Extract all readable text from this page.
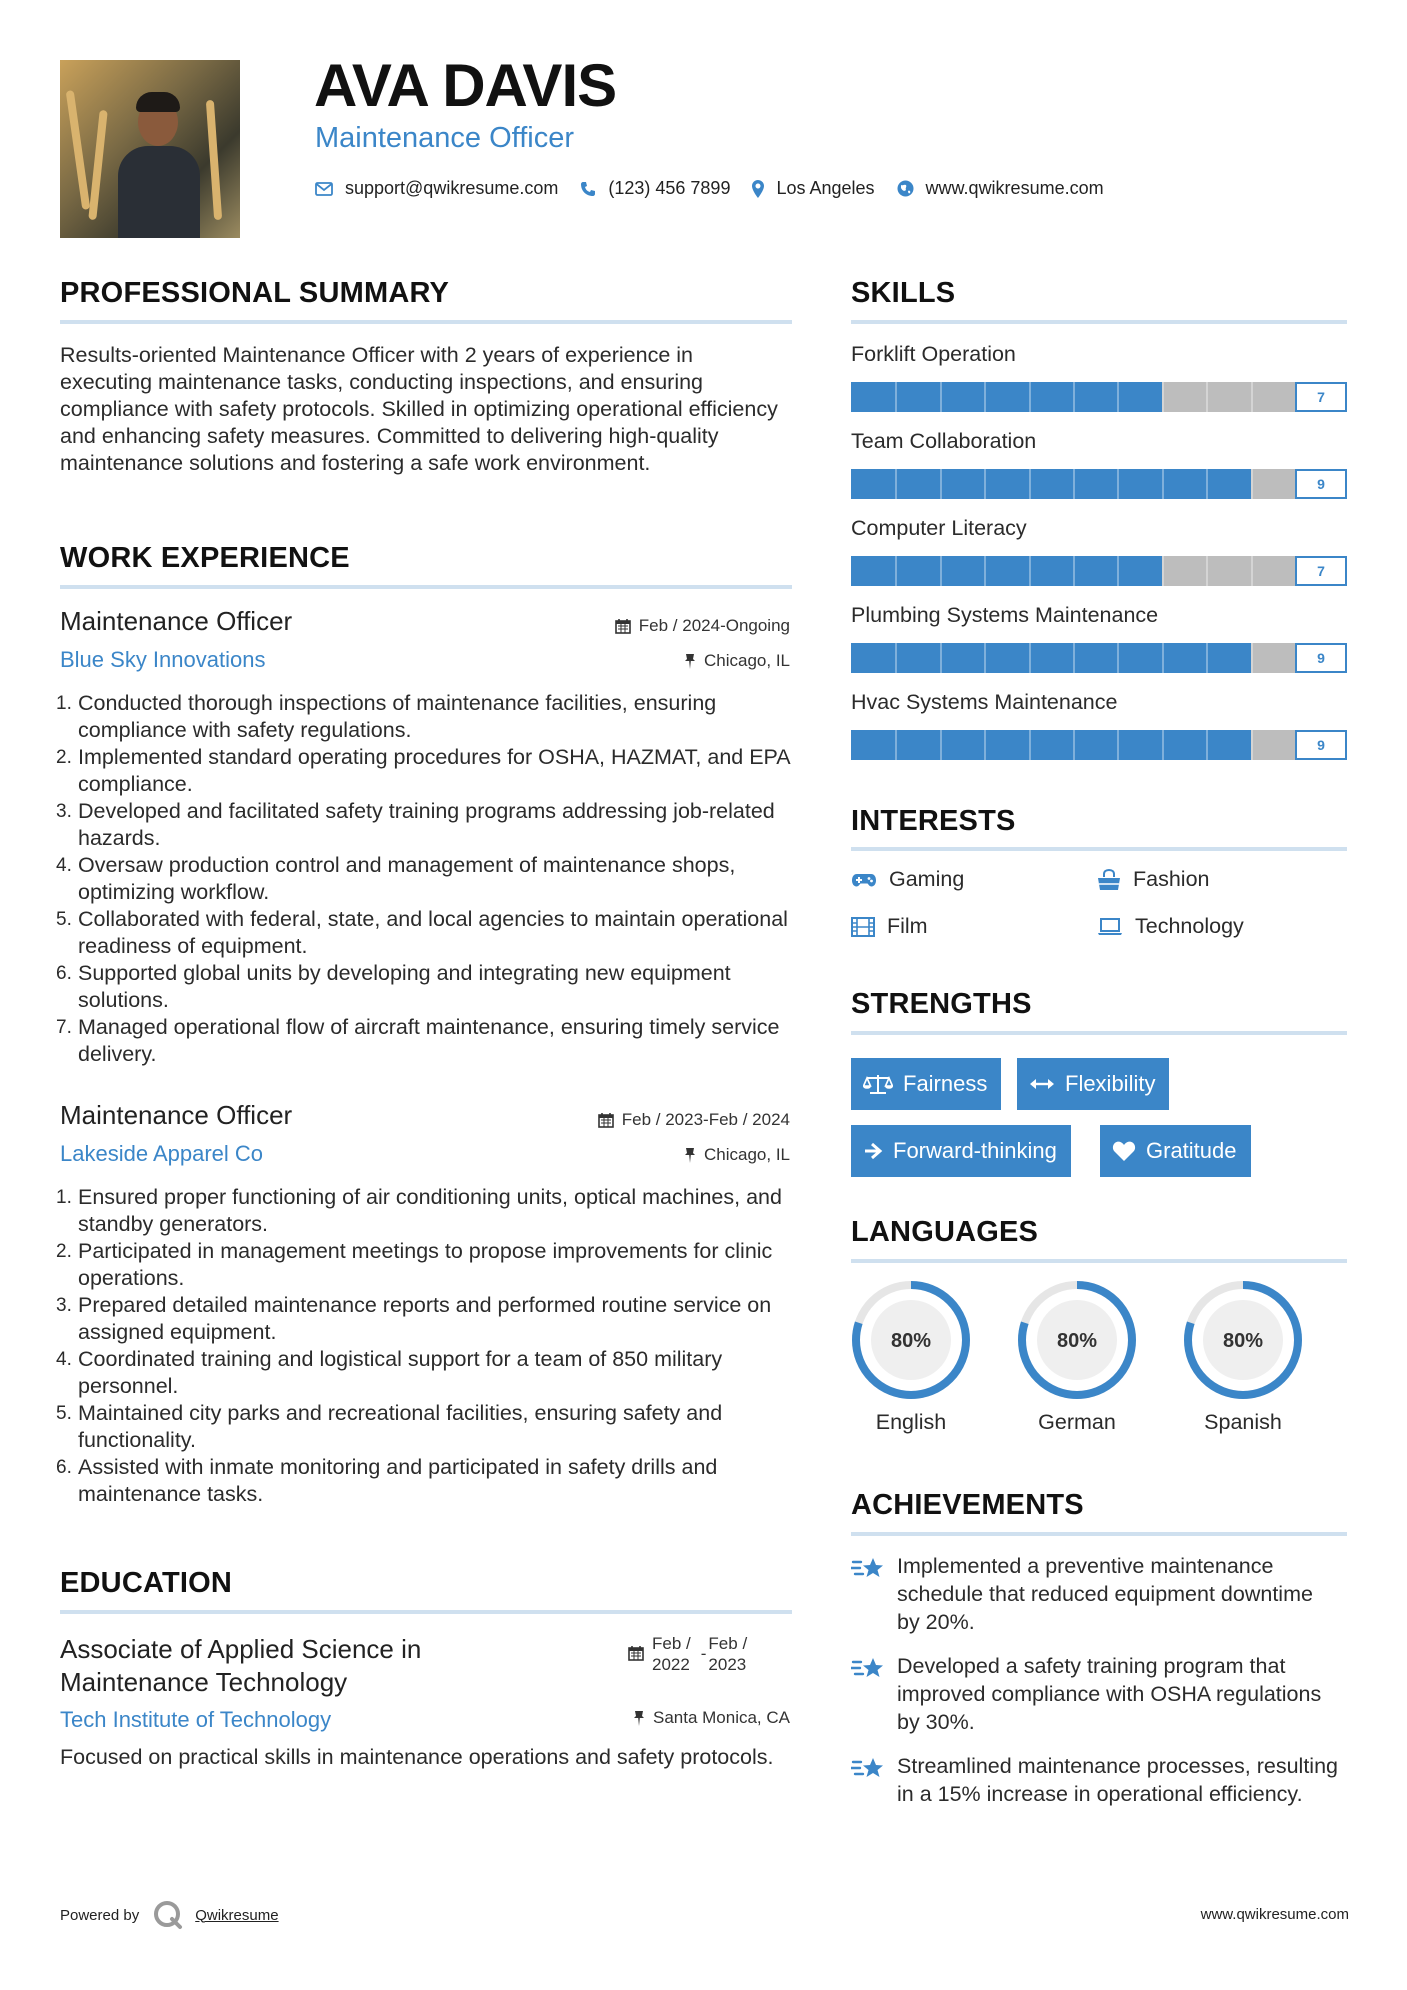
AVA DAVIS

Maintenance Officer

support@qwikresume.com	(123) 456 7899	Los Angeles	www.qwikresume.com
PROFESSIONAL SUMMARY

Results-oriented Maintenance Officer with 2 years of experience in executing maintenance tasks, conducting inspections, and ensuring compliance with safety protocols. Skilled in optimizing operational efficiency and enhancing safety measures. Committed to delivering high-quality maintenance solutions and fostering a safe work environment.

WORK EXPERIENCE

Maintenance Officer	Feb / 2024-Ongoing

Blue Sky Innovations	Chicago, IL
1. Conducted thorough inspections of maintenance facilities, ensuring compliance with safety regulations.
2. Implemented standard operating procedures for OSHA, HAZMAT, and EPA compliance.
3. Developed and facilitated safety training programs addressing job-related hazards.
4. Oversaw production control and management of maintenance shops, optimizing workflow.
5. Collaborated with federal, state, and local agencies to maintain operational readiness of equipment.
6. Supported global units by developing and integrating new equipment solutions.
7. Managed operational flow of aircraft maintenance, ensuring timely service delivery.

Maintenance Officer	Feb / 2023-Feb / 2024

Lakeside Apparel Co	Chicago, IL
1. Ensured proper functioning of air conditioning units, optical machines, and standby generators.
2. Participated in management meetings to propose improvements for clinic operations.
3. Prepared detailed maintenance reports and performed routine service on assigned equipment.
4. Coordinated training and logistical support for a team of 850 military personnel.
5. Maintained city parks and recreational facilities, ensuring safety and functionality.
6. Assisted with inmate monitoring and participated in safety drills and maintenance tasks.
EDUCATION

Associate of Applied Science in Maintenance Technology

Feb /
2022
-
Feb /
2023

Tech Institute of Technology	Santa Monica, CA

Focused on practical skills in maintenance operations and safety protocols.

SKILLS

Forklift Operation

7

Team Collaboration

9

Computer Literacy

7

Plumbing Systems Maintenance

9

Hvac Systems Maintenance

9
INTERESTS
Gaming	Fashion
Film	Technology
STRENGTHS
Fairness	Flexibility
Forward-thinking	Gratitude
LANGUAGES
80%
English
80%
German
80%
Spanish
ACHIEVEMENTS

Implemented a preventive maintenance schedule that reduced equipment downtime by 20%.

Developed a safety training program that improved compliance with OSHA regulations by 30%.

Streamlined maintenance processes, resulting in a 15% increase in operational efficiency.

Powered by	Qwikresume	www.qwikresume.com
